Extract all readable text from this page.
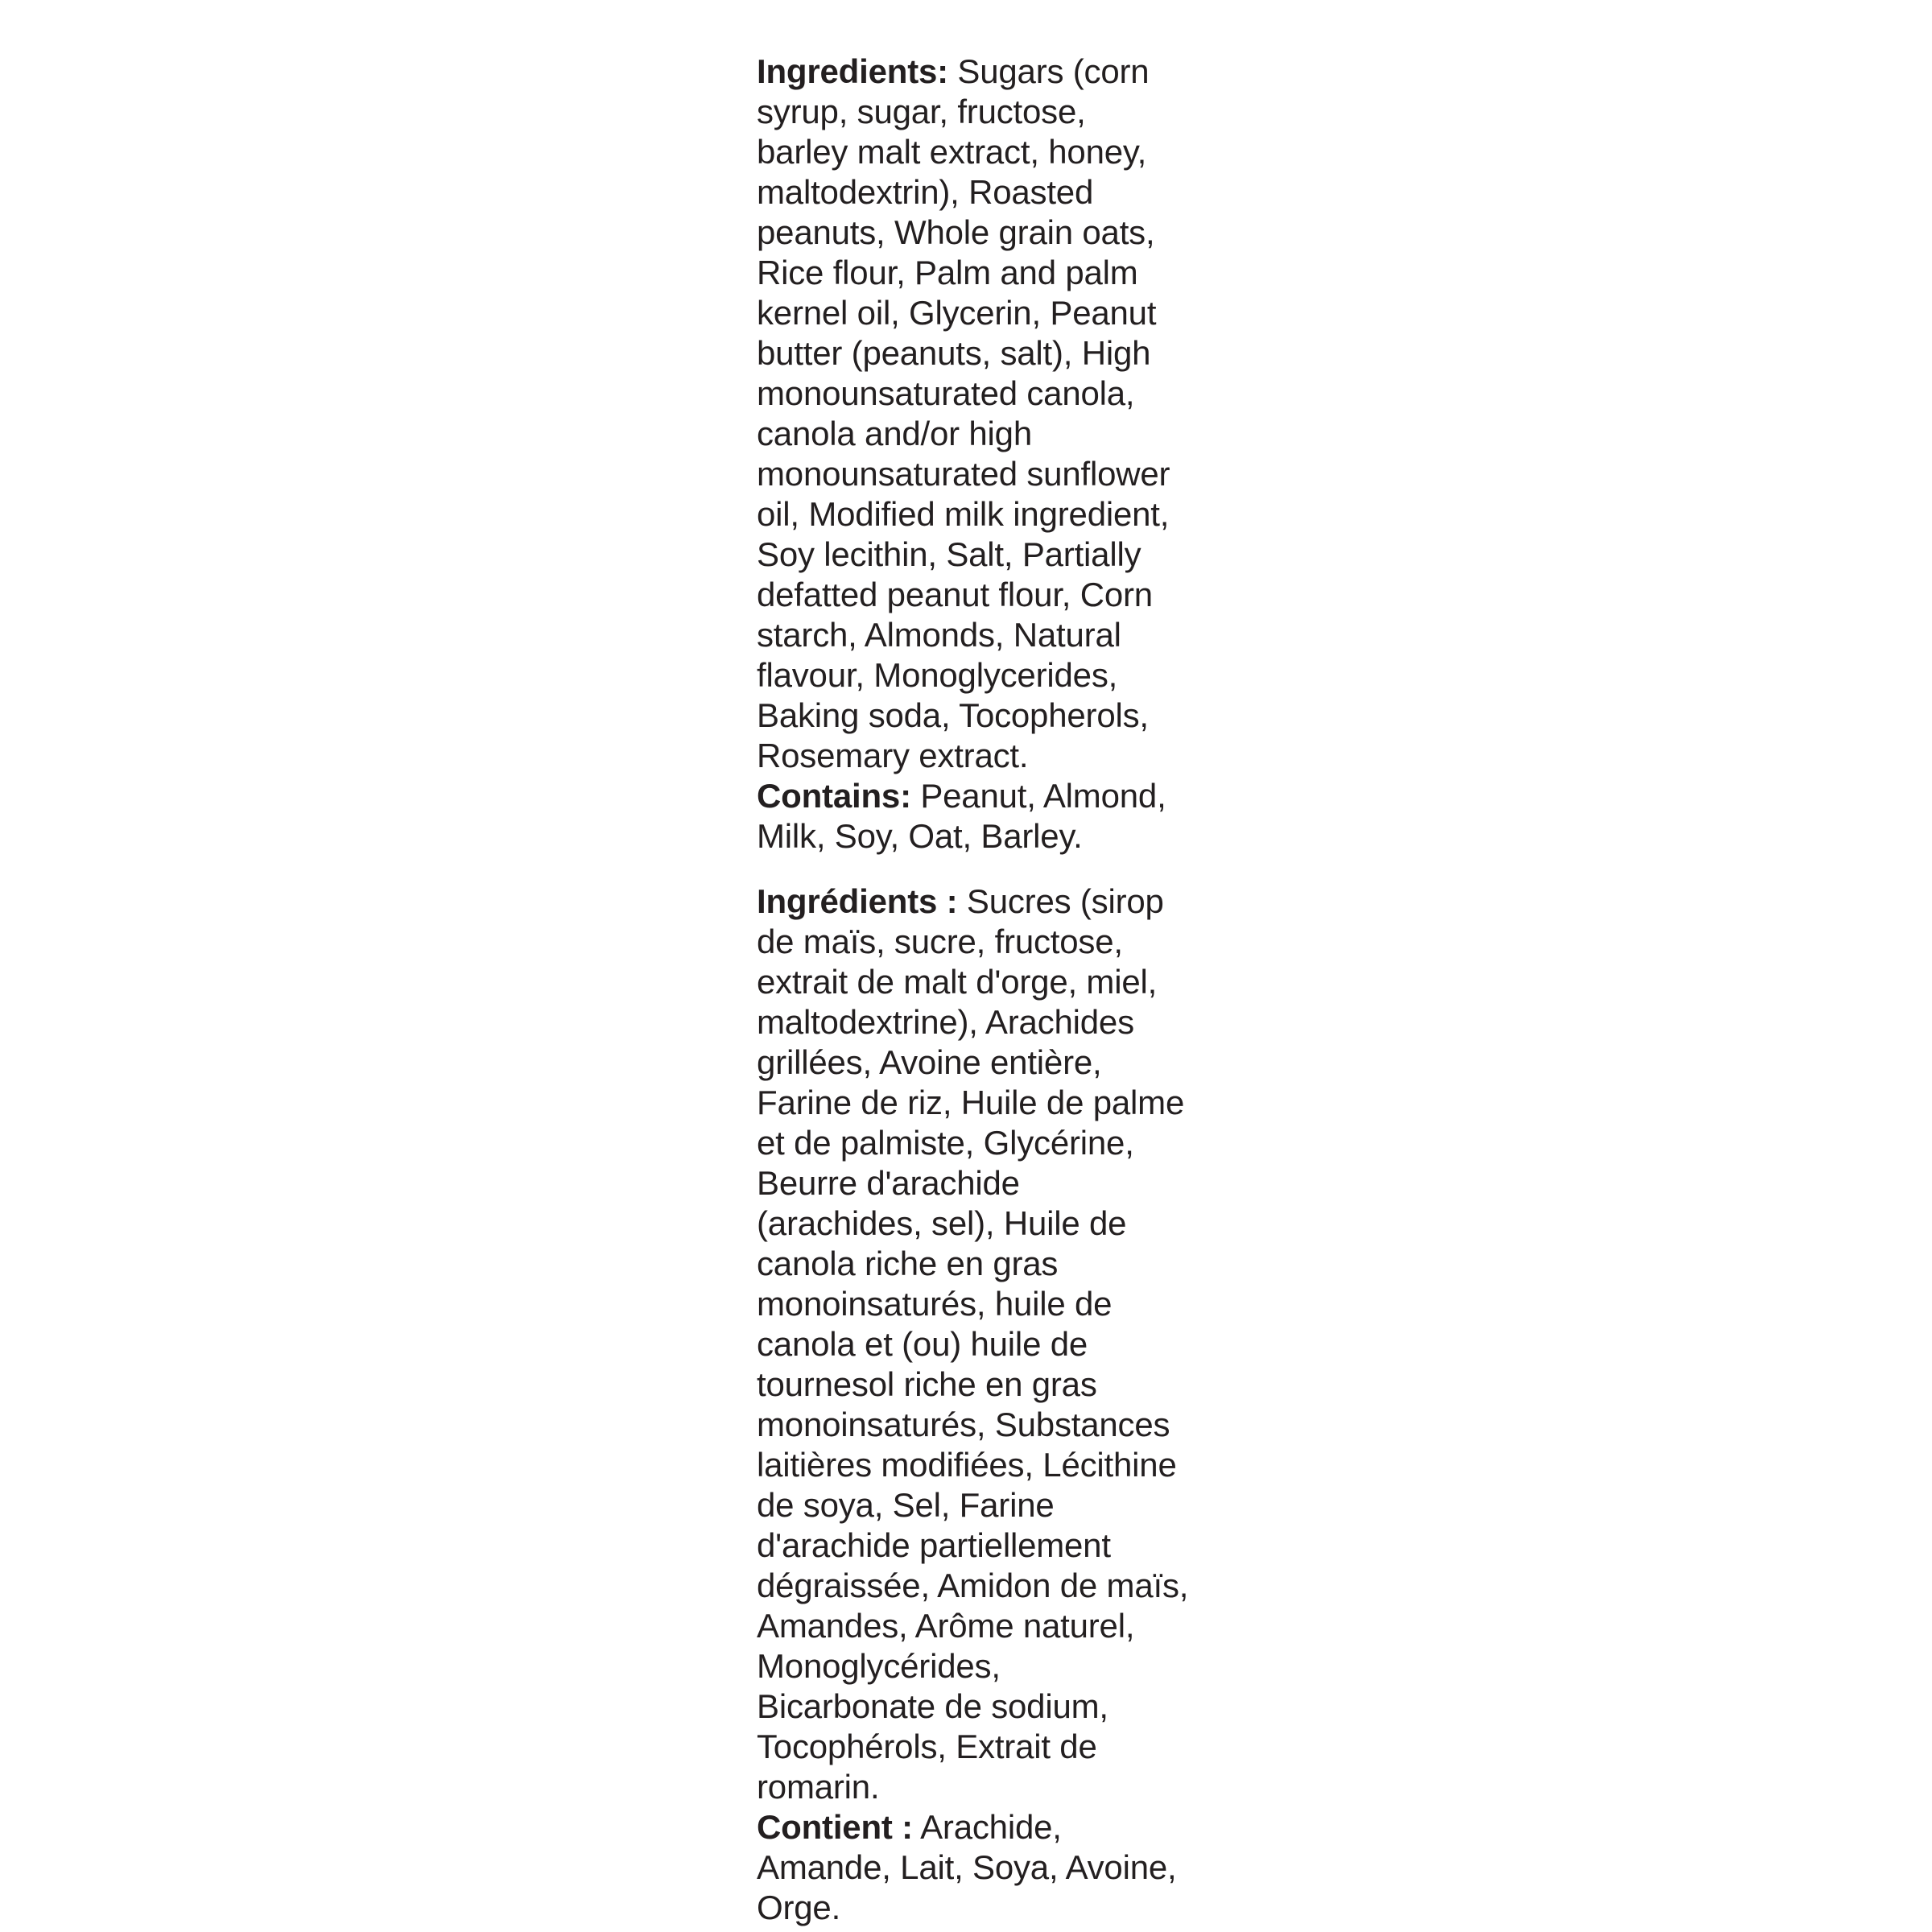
Ingredients: Sugars (corn
syrup, sugar, fructose,
barley malt extract, honey,
maltodextrin), Roasted
peanuts, Whole grain oats,
Rice flour, Palm and palm
kernel oil, Glycerin, Peanut
butter (peanuts, salt), High
monounsaturated canola,
canola and/or high
monounsaturated sunflower
oil, Modified milk ingredient,
Soy lecithin, Salt, Partially
defatted peanut flour, Corn
starch, Almonds, Natural
flavour, Monoglycerides,
Baking soda, Tocopherols,
Rosemary extract.

Contains: Peanut, Almond,
Milk, Soy, Oat, Barley.

Ingrédients : Sucres (sirop
de maïs, sucre, fructose,
extrait de malt d'orge, miel,
maltodextrine), Arachides
grillées, Avoine entière,
Farine de riz, Huile de palme
et de palmiste, Glycérine,
Beurre d'arachide
(arachides, sel), Huile de
canola riche en gras
monoinsaturés, huile de
canola et (ou) huile de
tournesol riche en gras
monoinsaturés, Substances
laitières modifiées, Lécithine
de soya, Sel, Farine
d'arachide partiellement
dégraissée, Amidon de maïs,
Amandes, Arôme naturel,
Monoglycérides,
Bicarbonate de sodium,
Tocophérols, Extrait de
romarin.

Contient : Arachide,
Amande, Lait, Soya, Avoine,
Orge.
